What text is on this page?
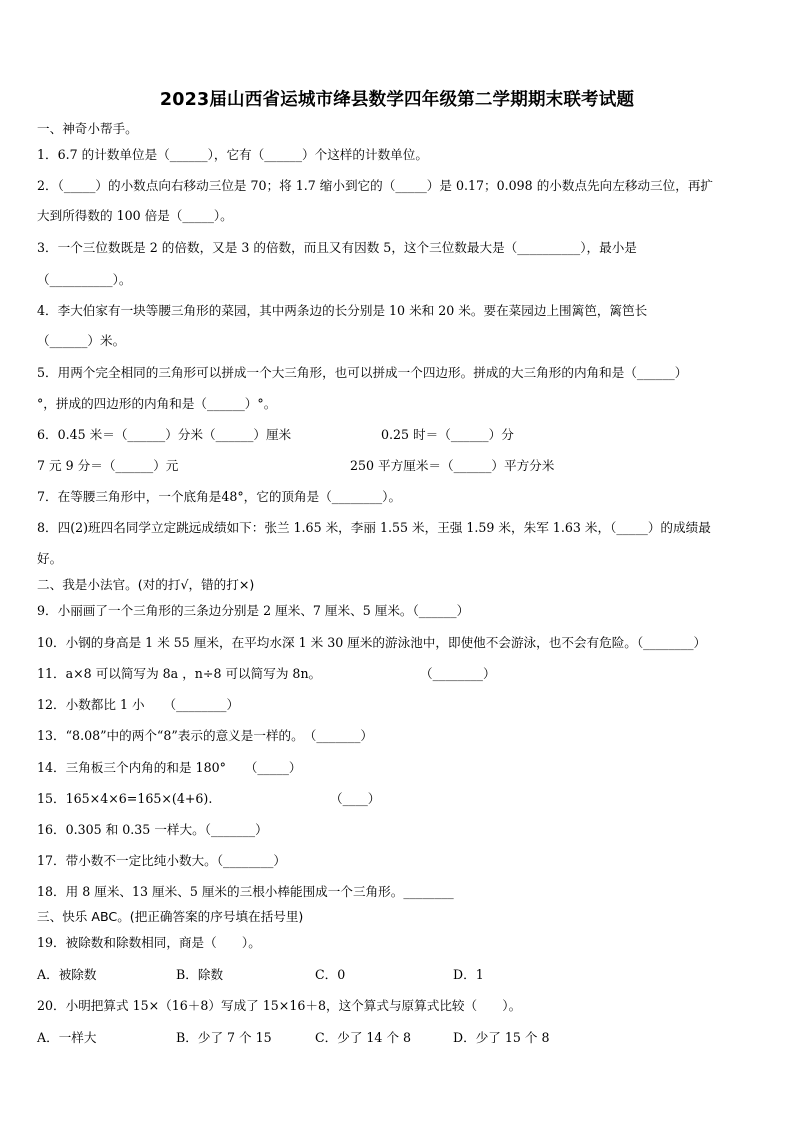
2023届山西省运城市绛县数学四年级第二学期期末联考试题
一、神奇小帮手。
1．6.7 的计数单位是（______），它有（______）个这样的计数单位。
2．（_____）的小数点向右移动三位是 70；将 1.7 缩小到它的（_____）是 0.17；0.098 的小数点先向左移动三位，再扩
大到所得数的 100 倍是（_____）。
3．一个三位数既是 2 的倍数，又是 3 的倍数，而且又有因数 5，这个三位数最大是（__________），最小是
（__________）。
4．李大伯家有一块等腰三角形的菜园，其中两条边的长分别是 10 米和 20 米。要在菜园边上围篱笆，篱笆长
（______）米。
5．用两个完全相同的三角形可以拼成一个大三角形，也可以拼成一个四边形。拼成的大三角形的内角和是（______）
°，拼成的四边形的内角和是（______）°。
6．0.45 米＝（______）分米（______）厘米	0.25 时＝（______）分
7 元 9 分＝（______）元	250 平方厘米＝（______）平方分米
7．在等腰三角形中，一个底角是48°，它的顶角是（________）。
8．四(2)班四名同学立定跳远成绩如下：张兰 1.65 米，李丽 1.55 米，王强 1.59 米，朱军 1.63 米，（_____）的成绩最
好。
二、我是小法官。(对的打√，错的打×)
9．小丽画了一个三角形的三条边分别是 2 厘米、7 厘米、5 厘米。（______）
10．小钢的身高是 1 米 55 厘米，在平均水深 1 米 30 厘米的游泳池中，即使他不会游泳，也不会有危险。（________）
11．a×8 可以简写为 8a ，n÷8 可以简写为 8n。	（________）
12．小数都比 1 小　　（________）
13．“8.08”中的两个“8”表示的意义是一样的。　（_______）
14．三角板三个内角的和是 180°　　（_____）
15．165×4×6=165×(4+6).	（____）
16．0.305 和 0.35 一样大。（_______）
17．带小数不一定比纯小数大。（________）
18．用 8 厘米、13 厘米、5 厘米的三根小棒能围成一个三角形。________
三、快乐 ABC。(把正确答案的序号填在括号里)
19．被除数和除数相同，商是（　　）。
A．被除数	B．除数	C．0	D．1
20．小明把算式 15×（16＋8）写成了 15×16＋8，这个算式与原算式比较（　　）。
A．一样大	B．少了 7 个 15	C．少了 14 个 8	D．少了 15 个 8
